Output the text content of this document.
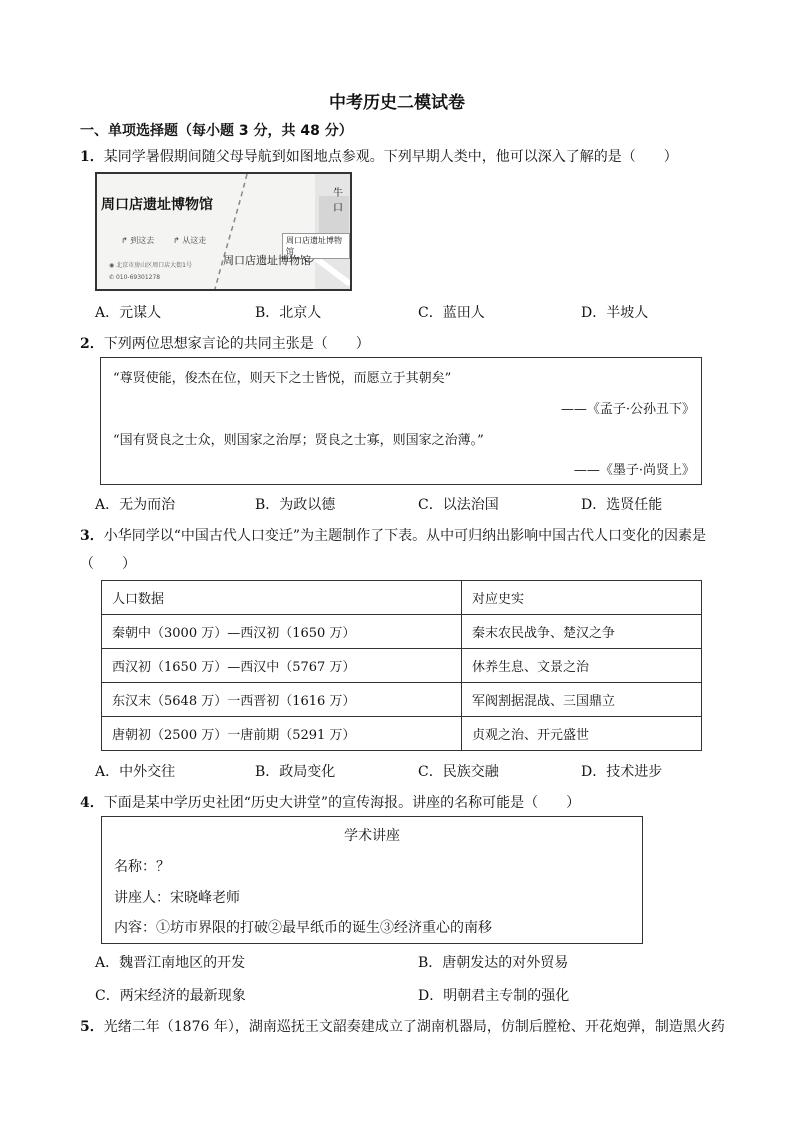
中考历史二模试卷
一、单项选择题（每小题 3 分，共 48 分）
1．某同学暑假期间随父母导航到如图地点参观。下列早期人类中，他可以深入了解的是（　　）
周口店遗址博物馆
↱ 到这去 ↱ 从这走
◉ 北京市房山区周口店大街1号
✆ 010-69301278
周口店遗址博物馆
周口店遗址博物馆
牛口
A．元谋人	B．北京人	C．蓝田人	D．半坡人
2．下列两位思想家言论的共同主张是（　　）
“尊贤使能，俊杰在位，则天下之士皆悦，而愿立于其朝矣”
——《孟子·公孙丑下》
“国有贤良之士众，则国家之治厚；贤良之士寡，则国家之治薄。”
——《墨子·尚贤上》
A．无为而治	B．为政以德	C．以法治国	D．选贤任能
3．小华同学以“中国古代人口变迁”为主题制作了下表。从中可归纳出影响中国古代人口变化的因素是
（　　）
人口数据	对应史实
秦朝中（3000 万）—西汉初（1650 万）	秦末农民战争、楚汉之争
西汉初（1650 万）—西汉中（5767 万）	休养生息、文景之治
东汉末（5648 万）一西晋初（1616 万）	军阀割据混战、三国鼎立
唐朝初（2500 万）一唐前期（5291 万）	贞观之治、开元盛世
A．中外交往	B．政局变化	C．民族交融	D．技术进步
4．下面是某中学历史社团“历史大讲堂”的宣传海报。讲座的名称可能是（　　）
学术讲座
名称：？
讲座人：宋晓峰老师
内容：①坊市界限的打破②最早纸币的诞生③经济重心的南移
A．魏晋江南地区的开发	B．唐朝发达的对外贸易
C．两宋经济的最新现象	D．明朝君主专制的强化
5．光绪二年（1876 年），湖南巡抚王文韶奏建成立了湖南机器局，仿制后膛枪、开花炮弹，制造黑火药
